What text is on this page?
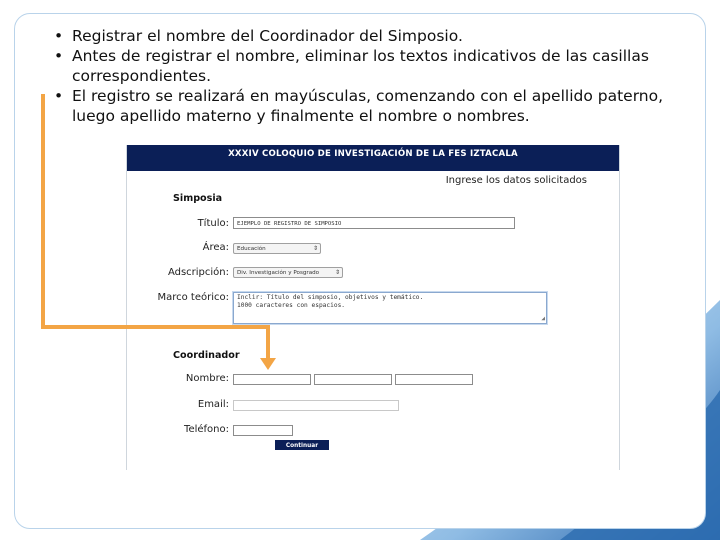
• Registrar el nombre del Coordinador del Simposio.
• Antes de registrar el nombre, eliminar los textos indicativos de las casillas correspondientes.
• El registro se realizará en mayúsculas, comenzando con el apellido paterno, luego apellido materno y finalmente el nombre o nombres.
XXXIV COLOQUIO DE INVESTIGACIÓN DE LA FES IZTACALA
Ingrese los datos solicitados
Simposia
Título:	EJEMPLO DE REGISTRO DE SIMPOSIO
Área:	Educación	⇕
Adscripción:	Div. Investigación y Posgrado	⇕
Marco teórico:	Inclir: Título del simposio, objetivos y temático.
1000 caracteres con espacios.
◢
Coordinador
Nombre:
Email:
Teléfono:
Continuar
